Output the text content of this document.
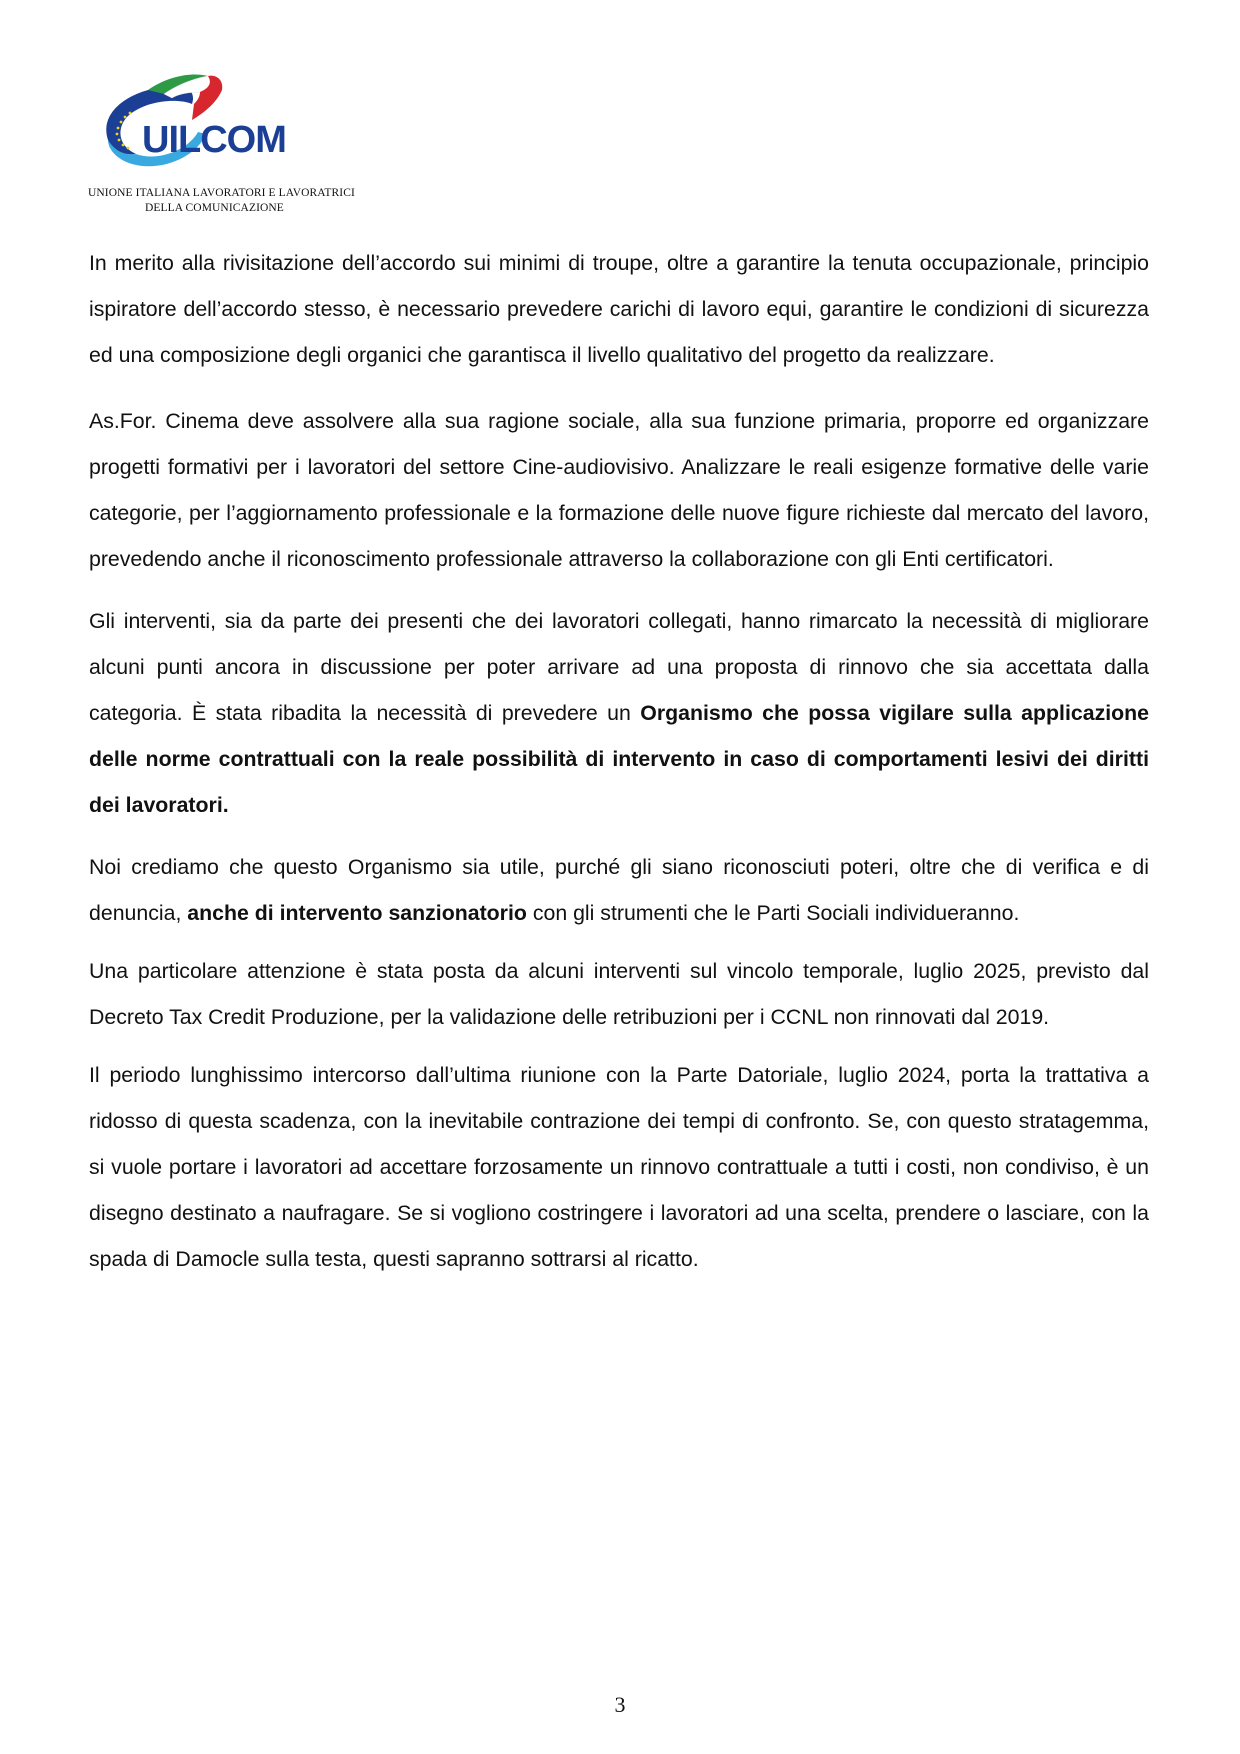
UILCOM
UNIONE ITALIANA LAVORATORI E LAVORATRICI
DELLA COMUNICAZIONE

In merito alla rivisitazione dell’accordo sui minimi di troupe, oltre a garantire la tenuta occupazionale, principio ispiratore dell’accordo stesso, è necessario prevedere carichi di lavoro equi, garantire le condizioni di sicurezza ed una composizione degli organici che garantisca il livello qualitativo del progetto da realizzare.

As.For. Cinema deve assolvere alla sua ragione sociale, alla sua funzione primaria, proporre ed organizzare progetti formativi per i lavoratori del settore Cine-audiovisivo. Analizzare le reali esigenze formative delle varie categorie, per l’aggiornamento professionale e la formazione delle nuove figure richieste dal mercato del lavoro, prevedendo anche il riconoscimento professionale attraverso la collaborazione con gli Enti certificatori.

Gli interventi, sia da parte dei presenti che dei lavoratori collegati, hanno rimarcato la necessità di migliorare alcuni punti ancora in discussione per poter arrivare ad una proposta di rinnovo che sia accettata dalla categoria. È stata ribadita la necessità di prevedere un Organismo che possa vigilare sulla applicazione delle norme contrattuali con la reale possibilità di intervento in caso di comportamenti lesivi dei diritti dei lavoratori.

Noi crediamo che questo Organismo sia utile, purché gli siano riconosciuti poteri, oltre che di verifica e di denuncia, anche di intervento sanzionatorio con gli strumenti che le Parti Sociali individueranno.

Una particolare attenzione è stata posta da alcuni interventi sul vincolo temporale, luglio 2025, previsto dal Decreto Tax Credit Produzione, per la validazione delle retribuzioni per i CCNL non rinnovati dal 2019.

Il periodo lunghissimo intercorso dall’ultima riunione con la Parte Datoriale, luglio 2024, porta la trattativa a ridosso di questa scadenza, con la inevitabile contrazione dei tempi di confronto. Se, con questo stratagemma, si vuole portare i lavoratori ad accettare forzosamente un rinnovo contrattuale a tutti i costi, non condiviso, è un disegno destinato a naufragare. Se si vogliono costringere i lavoratori ad una scelta, prendere o lasciare, con la spada di Damocle sulla testa, questi sapranno sottrarsi al ricatto.

3
